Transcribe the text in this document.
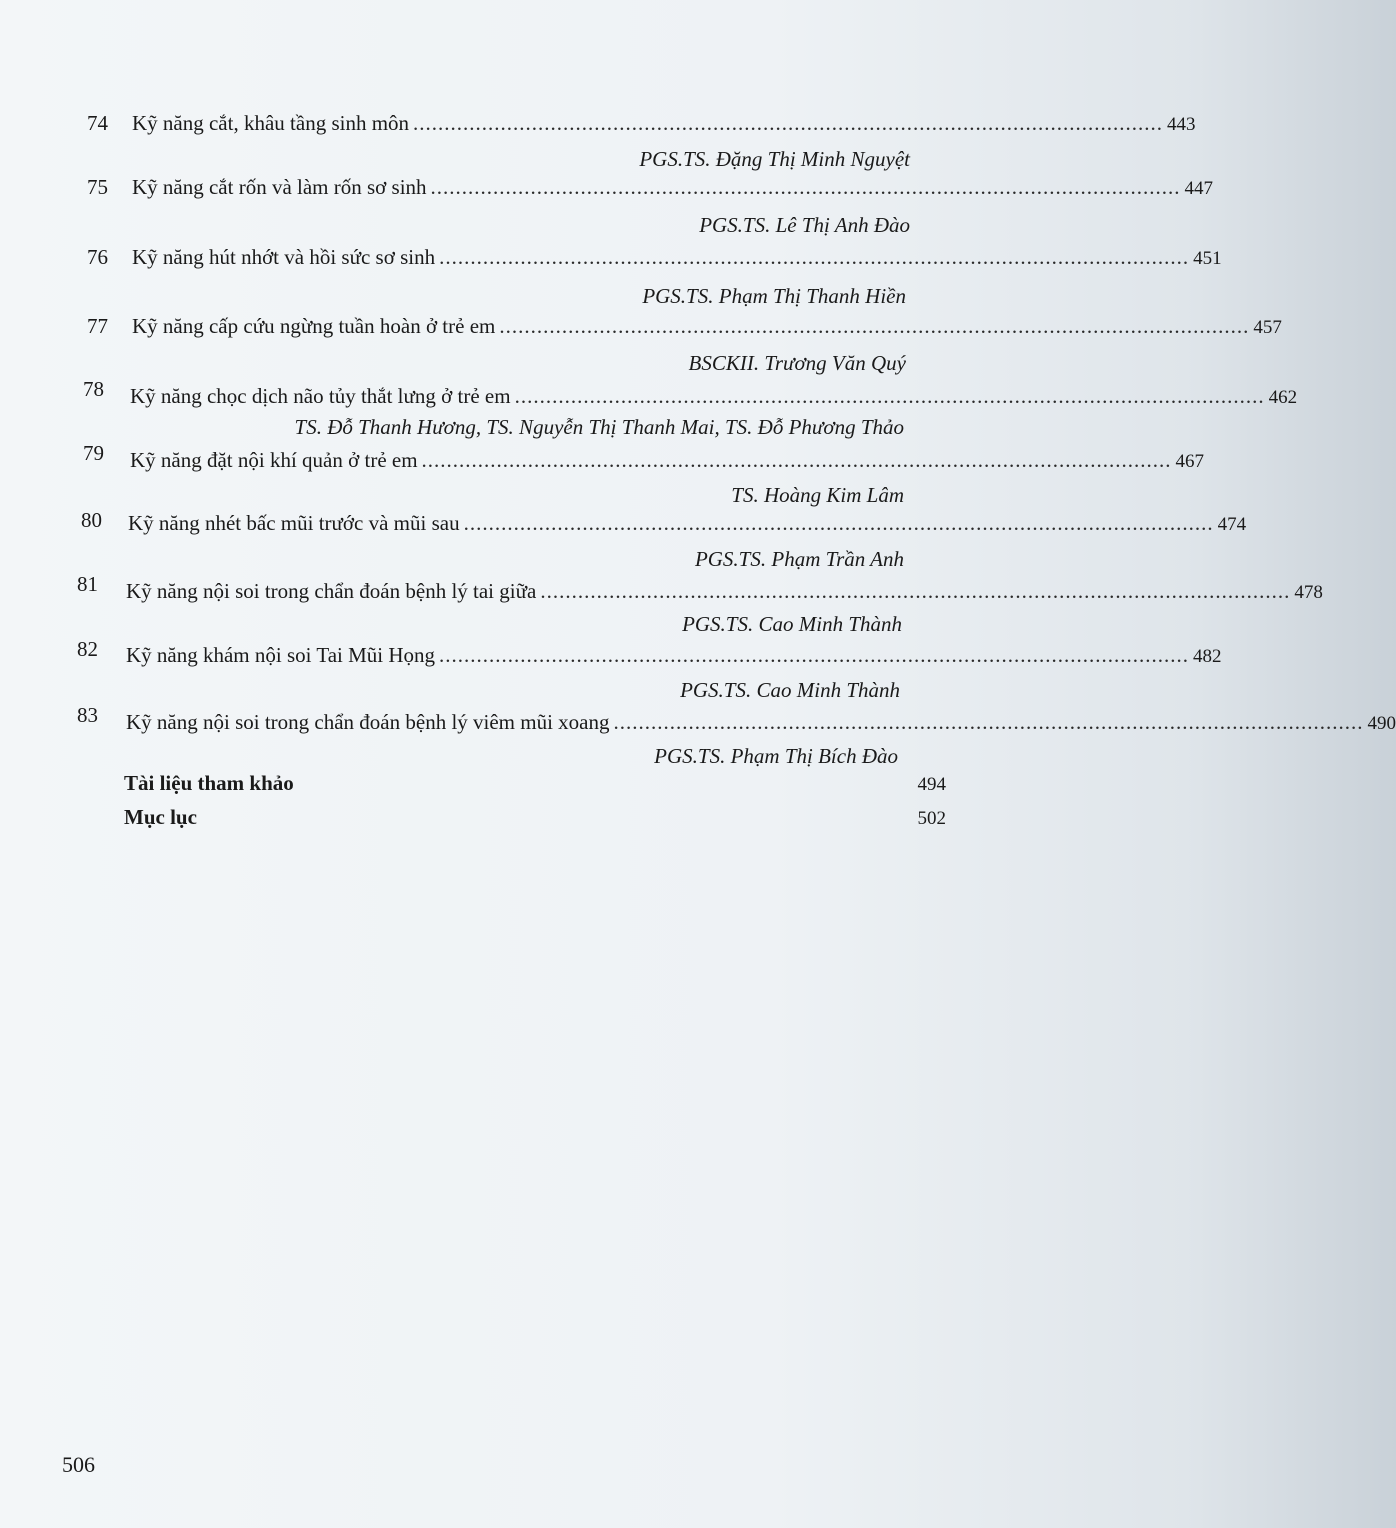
74 Kỹ năng cắt, khâu tầng sinh môn ........................................................................................................................ 443
PGS.TS. Đặng Thị Minh Nguyệt
75 Kỹ năng cắt rốn và làm rốn sơ sinh ........................................................................................................................ 447
PGS.TS. Lê Thị Anh Đào
76 Kỹ năng hút nhớt và hồi sức sơ sinh ........................................................................................................................ 451
PGS.TS. Phạm Thị Thanh Hiền
77 Kỹ năng cấp cứu ngừng tuần hoàn ở trẻ em ........................................................................................................................ 457
BSCKII. Trương Văn Quý
78 Kỹ năng chọc dịch não tủy thắt lưng ở trẻ em ........................................................................................................................ 462
TS. Đỗ Thanh Hương, TS. Nguyễn Thị Thanh Mai, TS. Đỗ Phương Thảo
79 Kỹ năng đặt nội khí quản ở trẻ em ........................................................................................................................ 467
TS. Hoàng Kim Lâm
80 Kỹ năng nhét bấc mũi trước và mũi sau ........................................................................................................................ 474
PGS.TS. Phạm Trần Anh
81 Kỹ năng nội soi trong chẩn đoán bệnh lý tai giữa ........................................................................................................................ 478
PGS.TS. Cao Minh Thành
82 Kỹ năng khám nội soi Tai Mũi Họng ........................................................................................................................ 482
PGS.TS. Cao Minh Thành
83 Kỹ năng nội soi trong chẩn đoán bệnh lý viêm mũi xoang ........................................................................................................................ 490
PGS.TS. Phạm Thị Bích Đào
Tài liệu tham khảo	494
Mục lục	502
506
